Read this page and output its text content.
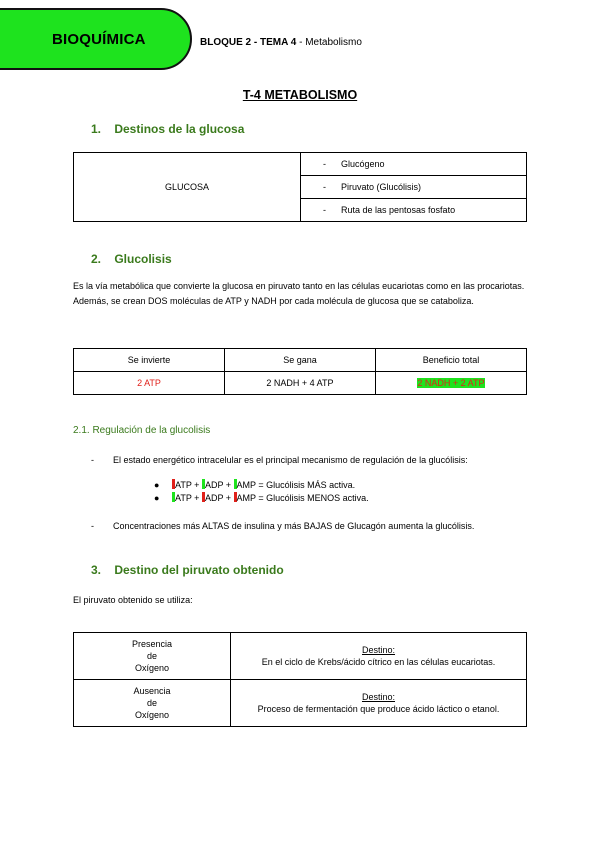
BIOQUÍMICA	BLOQUE 2 - TEMA 4 - Metabolismo
T-4 METABOLISMO
1. Destinos de la glucosa
GLUCOSA	- Glucógeno
- Piruvato (Glucólisis)
- Ruta de las pentosas fosfato
2. Glucolisis
Es la vía metabólica que convierte la glucosa en piruvato tanto en las células eucariotas como en las procariotas. Además, se crean DOS moléculas de ATP y NADH por cada molécula de glucosa que se cataboliza.
Se invierte	Se gana	Beneficio total
2 ATP	2 NADH + 4 ATP	2 NADH + 2 ATP
2.1. Regulación de la glucolisis
- El estado energético intracelular es el principal mecanismo de regulación de la glucólisis:
● ATP + ADP + AMP = Glucólisis MÁS activa.
● ATP + ADP + AMP = Glucólisis MENOS activa.
- Concentraciones más ALTAS de insulina y más BAJAS de Glucagón aumenta la glucólisis.
3. Destino del piruvato obtenido
El piruvato obtenido se utiliza:
Presencia
de
Oxígeno	Destino:
En el ciclo de Krebs/ácido cítrico en las células eucariotas.
Ausencia
de
Oxígeno	Destino:
Proceso de fermentación que produce ácido láctico o etanol.
